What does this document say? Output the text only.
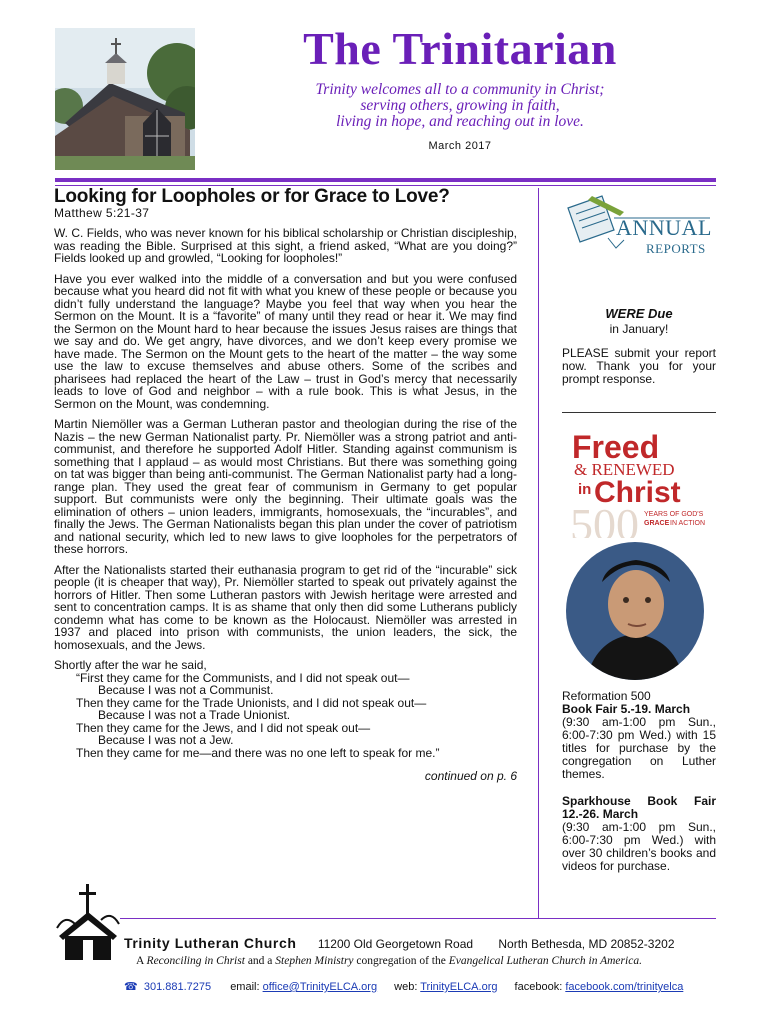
The Trinitarian
Trinity welcomes all to a community in Christ;
serving others, growing in faith,
living in hope, and reaching out in love.
March 2017
Looking for Loopholes or for Grace to Love?
Matthew 5:21-37

W. C. Fields, who was never known for his biblical scholarship or Christian discipleship, was reading the Bible. Surprised at this sight, a friend asked, “What are you doing?” Fields looked up and growled, “Looking for loopholes!”

Have you ever walked into the middle of a conversation and but you were confused because what you heard did not fit with what you knew of these people or because you didn’t fully understand the language? Maybe you feel that way when you hear the Sermon on the Mount. It is a “favorite” of many until they read or hear it. We may find the Sermon on the Mount hard to hear because the issues Jesus raises are things that we say and do. We get angry, have divorces, and we don’t keep every promise we have made. The Sermon on the Mount gets to the heart of the matter – the way some use the law to excuse themselves and abuse others. Some of the scribes and pharisees had replaced the heart of the Law – trust in God’s mercy that necessarily leads to love of God and neighbor – with a rule book. This is what Jesus, in the Sermon on the Mount, was condemning.

Martin Niemöller was a German Lutheran pastor and theologian during the rise of the Nazis – the new German Nationalist party. Pr. Niemöller was a strong patriot and anti-communist, and therefore he supported Adolf Hitler. Standing against communism is something that I applaud – as would most Christians. But there was something going on tat was bigger than being anti-communist. The German Nationalist party had a long-range plan. They used the great fear of communism in Germany to get popular support. But communists were only the beginning. Their ultimate goals was the elimination of others – union leaders, immigrants, homosexuals, the “incurables”, and finally the Jews. The German Nationalists began this plan under the cover of patriotism and national security, which led to new laws to give loopholes for the perpetrators of these horrors.

After the Nationalists started their euthanasia program to get rid of the “incurable” sick people (it is cheaper that way), Pr. Niemöller started to speak out privately against the horrors of Hitler. Then some Lutheran pastors with Jewish heritage were arrested and sent to concentration camps. It is as shame that only then did some Lutherans publicly condemn what has come to be known as the Holocaust. Niemöller was arrested in 1937 and placed into prison with communists, the union leaders, the sick, the homosexuals, and the Jews.

Shortly after the war he said,
“First they came for the Communists, and I did not speak out—
Because I was not a Communist.
Then they came for the Trade Unionists, and I did not speak out—
Because I was not a Trade Unionist.
Then they came for the Jews, and I did not speak out—
Because I was not a Jew.
Then they came for me—and there was no one left to speak for me.”
continued on p. 6
ANNUAL
REPORTS
WERE Due
in January!
PLEASE submit your report now. Thank you for your prompt response.
Freed
& RENEWED
in Christ
500 YEARS OF GOD'S
GRACE IN ACTION
Reformation 500
Book Fair 5.-19. March
(9:30 am-1:00 pm Sun., 6:00-7:30 pm Wed.) with 15 titles for purchase by the congregation on Luther themes.
Sparkhouse Book Fair 12.-26. March
(9:30 am-1:00 pm Sun., 6:00-7:30 pm Wed.) with over 30 children’s books and videos for purchase.
Trinity Lutheran Church 11200 Old Georgetown Road North Bethesda, MD 20852-3202
A Reconciling in Christ and a Stephen Ministry congregation of the Evangelical Lutheran Church in America.
☎ 301.881.7275 email: office@TrinityELCA.org web: TrinityELCA.org facebook: facebook.com/trinityelca
